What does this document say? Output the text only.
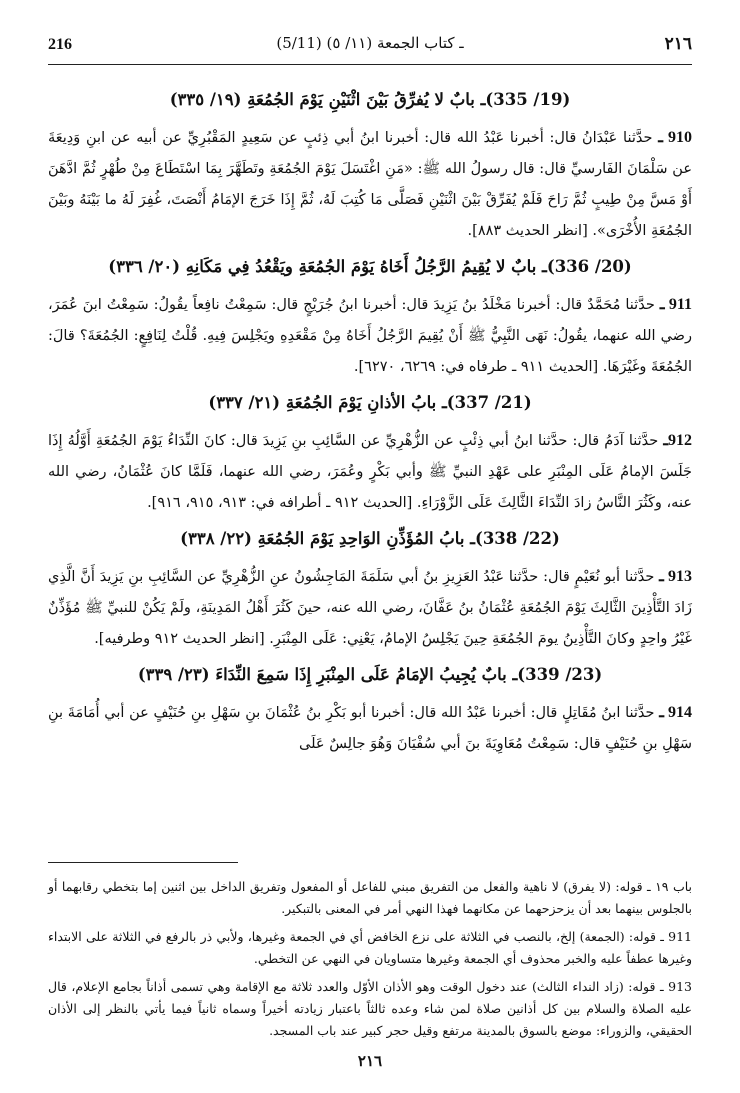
216	(5/11) ـ كتاب الجمعة (١١/ ٥)	٢١٦
(19/ 335)ـ بابٌ لا يُفرِّقُ بَيْنَ اثْنَيْنِ يَوْمَ الجُمُعَةِ (١٩/ ٣٣٥)

910 ـ حدَّثنا عَبْدَانُ قال: أخبرنا عَبْدُ الله قال: أخبرنا ابنُ أبي ذِئبٍ عن سَعِيدٍ المَقْبُرِيِّ عن أبيه عن ابنِ وَدِيعَةَ عن سَلْمَانَ الفَارسيِّ قال: قال رسولُ الله ﷺ: «مَنِ اغْتَسَلَ يَوْمَ الجُمُعَةِ وتَطَهَّرَ بِمَا اسْتَطَاعَ مِنْ طُهْرٍ ثُمَّ ادَّهَنَ أَوْ مَسَّ مِنْ طِيبٍ ثُمَّ رَاحَ فَلَمْ يُفَرِّقْ بَيْنَ اثْنَيْنِ فَصَلَّى مَا كُتِبَ لَهُ، ثُمَّ إِذَا خَرَجَ الإمَامُ أَنْصَتَ، غُفِرَ لَهُ ما بَيْنَهُ وبَيْنَ الجُمُعَةِ الأُخْرَى». [انظر الحديث ٨٨٣].

(20/ 336)ـ بابٌ لا يُقِيمُ الرَّجُلُ أَخَاهُ يَوْمَ الجُمُعَةِ ويَقْعُدُ فِي مَكَانِهِ (٢٠/ ٣٣٦)

911 ـ حدَّثنا مُحَمَّدٌ قال: أخبرنا مَخْلَدُ بنُ يَزِيدَ قال: أخبرنا ابنُ جُرَيْجٍ قال: سَمِعْتُ نافِعاً يقُولُ: سَمِعْتُ ابنَ عُمَرَ، رضي الله عنهما، يقُولُ: نَهَى النَّبِيُّ ﷺ أَنْ يُقِيمَ الرَّجُلُ أَخَاهُ مِنْ مَقْعَدِهِ ويَجْلِسَ فِيهِ. قُلْتُ لِنَافِعٍ: الجُمُعَةَ؟ قالَ: الجُمُعَةَ وغَيْرَهَا. [الحديث ٩١١ ـ طرفاه في: ٦٢٦٩، ٦٢٧٠].

(21/ 337)ـ بابُ الأذانِ يَوْمَ الجُمُعَةِ (٢١/ ٣٣٧)

912ـ حدَّثنا آدَمُ قال: حدَّثنا ابنُ أبي ذِئْبٍ عن الزُّهْرِيِّ عن السَّائِبِ بنِ يَزِيدَ قال: كانَ النِّدَاءُ يَوْمَ الجُمُعَةِ أَوَّلُهُ إِذَا جَلَسَ الإمامُ عَلَى المِنْبَرِ على عَهْدِ النبيِّ ﷺ وأبي بَكْرٍ وعُمَرَ، رضي الله عنهما، فَلَمَّا كانَ عُثْمَانُ، رضي الله عنه، وكَثُرَ النَّاسُ زادَ النِّدَاءَ الثَّالِثَ عَلَى الزَّوْرَاءِ. [الحديث ٩١٢ ـ أطرافه في: ٩١٣، ٩١٥، ٩١٦].

(22/ 338)ـ بابُ المُؤَذِّنِ الوَاحِدِ يَوْمَ الجُمُعَةِ (٢٢/ ٣٣٨)

913 ـ حدَّثنا أبو نُعَيْمٍ قال: حدَّثنا عَبْدُ العَزِيزِ بنُ أبي سَلَمَةَ المَاجِشُونُ عنِ الزُّهْرِيِّ عن السَّائِبِ بنِ يَزِيدَ أَنَّ الَّذِي زَادَ التَّأْذِينَ الثَّالِثَ يَوْمَ الجُمُعَةِ عُثْمَانُ بنُ عَفَّانَ، رضي الله عنه، حينَ كَثُرَ أَهْلُ المَدِينَةِ، ولَمْ يَكُنْ للنبيِّ ﷺ مُؤَذِّنٌ غَيْرُ واحِدٍ وكانَ التَّأْذِينُ يومَ الجُمُعَةِ حِينَ يَجْلِسُ الإمامُ، يَعْنِي: عَلَى المِنْبَرِ. [انظر الحديث ٩١٢ وطرفيه].

(23/ 339)ـ بابٌ يُجِيبُ الإمَامُ عَلَى المِنْبَرِ إِذَا سَمِعَ النِّدَاءَ (٢٣/ ٣٣٩)

914 ـ حدَّثنا ابنُ مُقَاتِلٍ قال: أخبرنا عَبْدُ الله قال: أخبرنا أبو بَكْرِ بنُ عُثْمَانَ بنِ سَهْلِ بنِ حُنَيْفٍ عن أبي أُمَامَةَ بنِ سَهْلِ بنِ حُنَيْفٍ قال: سَمِعْتُ مُعَاوِيَةَ بنَ أبي سُفْيَانَ وَهُوَ جالِسٌ عَلَى

باب ١٩ ـ قوله: (لا يفرق) لا ناهية والفعل من التفريق مبني للفاعل أو المفعول وتفريق الداخل بين اثنين إما بتخطي رقابهما أو بالجلوس بينهما بعد أن يزحزحهما عن مكانهما فهذا النهي أمر في المعنى بالتبكير.

911 ـ قوله: (الجمعة) إلخ، بالنصب في الثلاثة على نزع الخافض أي في الجمعة وغيرها، ولأبي ذر بالرفع في الثلاثة على الابتداء وغيرها عطفاً عليه والخبر محذوف أي الجمعة وغيرها متساويان في النهي عن التخطي.

913 ـ قوله: (زاد النداء الثالث) عند دخول الوقت وهو الأذان الأوّل والعدد ثلاثة مع الإقامة وهي تسمى أذاناً بجامع الإعلام، قال عليه الصلاة والسلام بين كل أذانين صلاة لمن شاء وعده ثالثاً باعتبار زيادته أخيراً وسماه ثانياً فيما يأتي بالنظر إلى الأذان الحقيقي، والزوراء: موضع بالسوق بالمدينة مرتفع وقيل حجر كبير عند باب المسجد.

٢١٦
